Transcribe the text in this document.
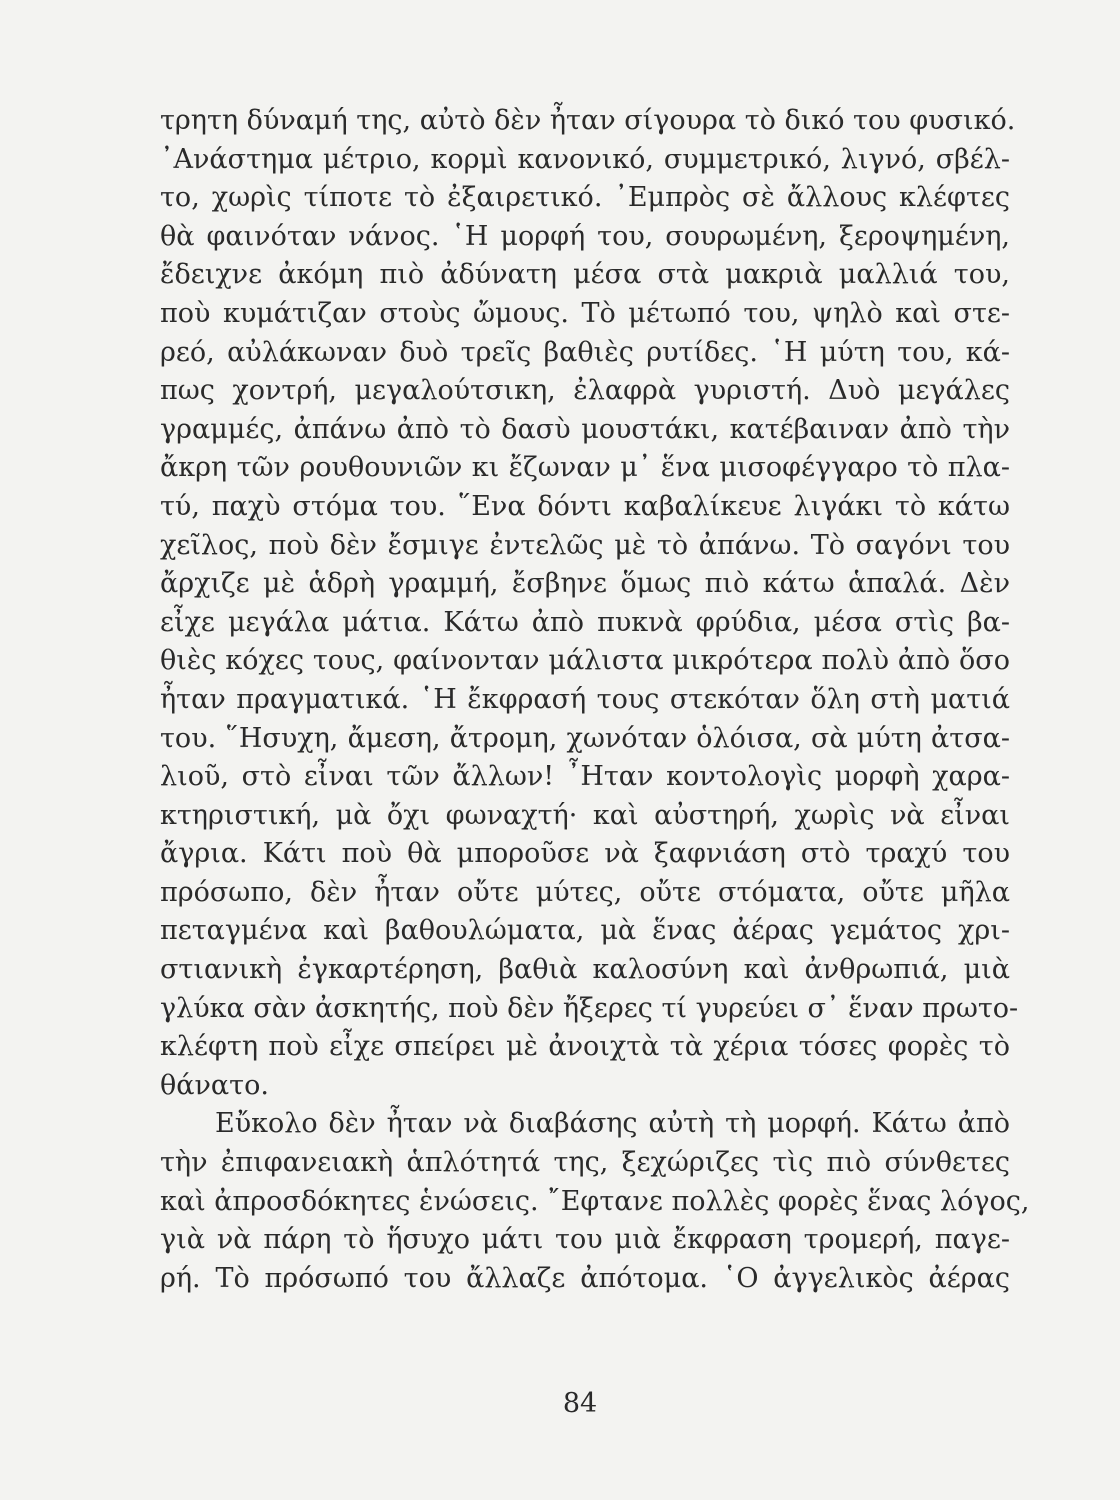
τρητη δύναμή της, αὐτὸ δὲν ἦταν σίγουρα τὸ δικό του φυσικό.
᾿Ανάστημα μέτριο, κορμὶ κανονικό, συμμετρικό, λιγνό, σβέλ-
το, χωρὶς τίποτε τὸ ἐξαιρετικό. ᾿Εμπρὸς σὲ ἄλλους κλέφτες
θὰ φαινόταν νάνος. ῾Η μορφή του, σουρωμένη, ξεροψημένη,
ἔδειχνε ἀκόμη πιὸ ἀδύνατη μέσα στὰ μακριὰ μαλλιά του,
ποὺ κυμάτιζαν στοὺς ὤμους. Τὸ μέτωπό του, ψηλὸ καὶ στε-
ρεό, αὐλάκωναν δυὸ τρεῖς βαθιὲς ρυτίδες. ῾Η μύτη του, κά-
πως χοντρή, μεγαλούτσικη, ἐλαφρὰ γυριστή. Δυὸ μεγάλες
γραμμές, ἀπάνω ἀπὸ τὸ δασὺ μουστάκι, κατέβαιναν ἀπὸ τὴν
ἄκρη τῶν ρουθουνιῶν κι ἔζωναν μ᾿ ἕνα μισοφέγγαρο τὸ πλα-
τύ, παχὺ στόμα του. ῞Ενα δόντι καβαλίκευε λιγάκι τὸ κάτω
χεῖλος, ποὺ δὲν ἔσμιγε ἐντελῶς μὲ τὸ ἀπάνω. Τὸ σαγόνι του
ἄρχιζε μὲ ἁδρὴ γραμμή, ἔσβηνε ὅμως πιὸ κάτω ἁπαλά. Δὲν
εἶχε μεγάλα μάτια. Κάτω ἀπὸ πυκνὰ φρύδια, μέσα στὶς βα-
θιὲς κόχες τους, φαίνονταν μάλιστα μικρότερα πολὺ ἀπὸ ὅσο
ἦταν πραγματικά. ῾Η ἔκφρασή τους στεκόταν ὅλη στὴ ματιά
του. ῞Ησυχη, ἄμεση, ἄτρομη, χωνόταν ὁλόισα, σὰ μύτη ἀτσα-
λιοῦ, στὸ εἶναι τῶν ἄλλων! ῏Ηταν κοντολογὶς μορφὴ χαρα-
κτηριστική, μὰ ὄχι φωναχτή· καὶ αὐστηρή, χωρὶς νὰ εἶναι
ἄγρια. Κάτι ποὺ θὰ μποροῦσε νὰ ξαφνιάση στὸ τραχύ του
πρόσωπο, δὲν ἦταν οὔτε μύτες, οὔτε στόματα, οὔτε μῆλα
πεταγμένα καὶ βαθουλώματα, μὰ ἕνας ἀέρας γεμάτος χρι-
στιανικὴ ἐγκαρτέρηση, βαθιὰ καλοσύνη καὶ ἀνθρωπιά, μιὰ
γλύκα σὰν ἀσκητής, ποὺ δὲν ἤξερες τί γυρεύει σ᾿ ἕναν πρωτο-
κλέφτη ποὺ εἶχε σπείρει μὲ ἀνοιχτὰ τὰ χέρια τόσες φορὲς τὸ
θάνατο.
Εὔκολο δὲν ἦταν νὰ διαβάσης αὐτὴ τὴ μορφή. Κάτω ἀπὸ
τὴν ἐπιφανειακὴ ἁπλότητά της, ξεχώριζες τὶς πιὸ σύνθετες
καὶ ἀπροσδόκητες ἑνώσεις. ῎Εφτανε πολλὲς φορὲς ἕνας λόγος,
γιὰ νὰ πάρη τὸ ἥσυχο μάτι του μιὰ ἔκφραση τρομερή, παγε-
ρή. Τὸ πρόσωπό του ἄλλαζε ἀπότομα. ῾Ο ἀγγελικὸς ἀέρας
84
